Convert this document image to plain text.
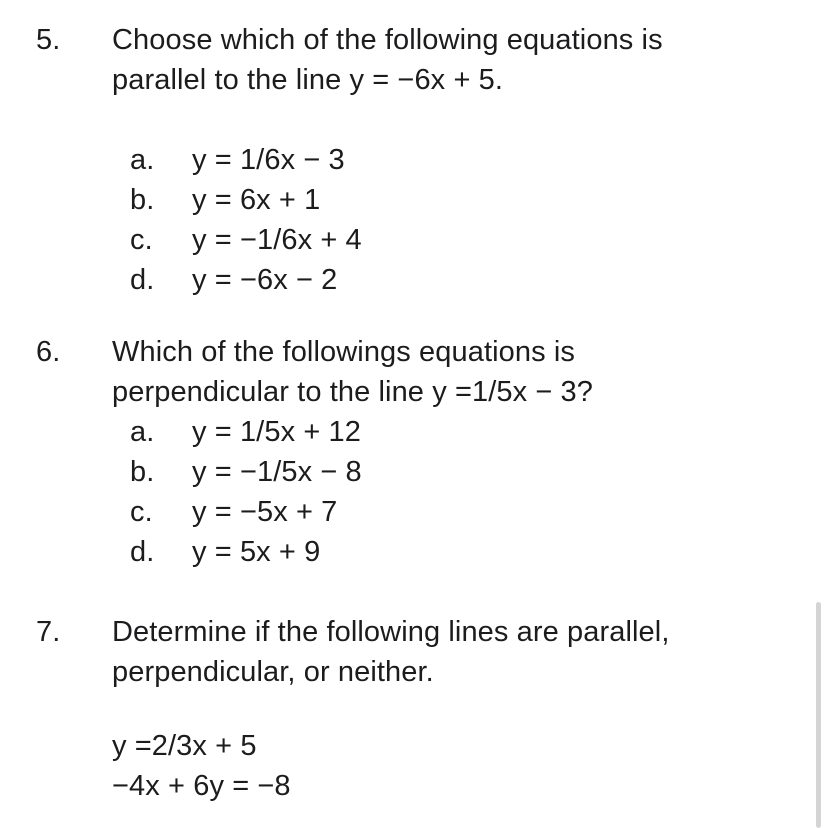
5. Choose which of the following equations is
parallel to the line y = −6x + 5.
a. y = 1/6x − 3
b. y = 6x + 1
c. y = −1/6x + 4
d. y = −6x − 2
6. Which of the followings equations is
perpendicular to the line y =1/5x − 3?
a. y = 1/5x + 12
b. y = −1/5x − 8
c. y = −5x + 7
d. y = 5x + 9
7. Determine if the following lines are parallel,
perpendicular, or neither.
y =2/3x + 5
−4x + 6y = −8
